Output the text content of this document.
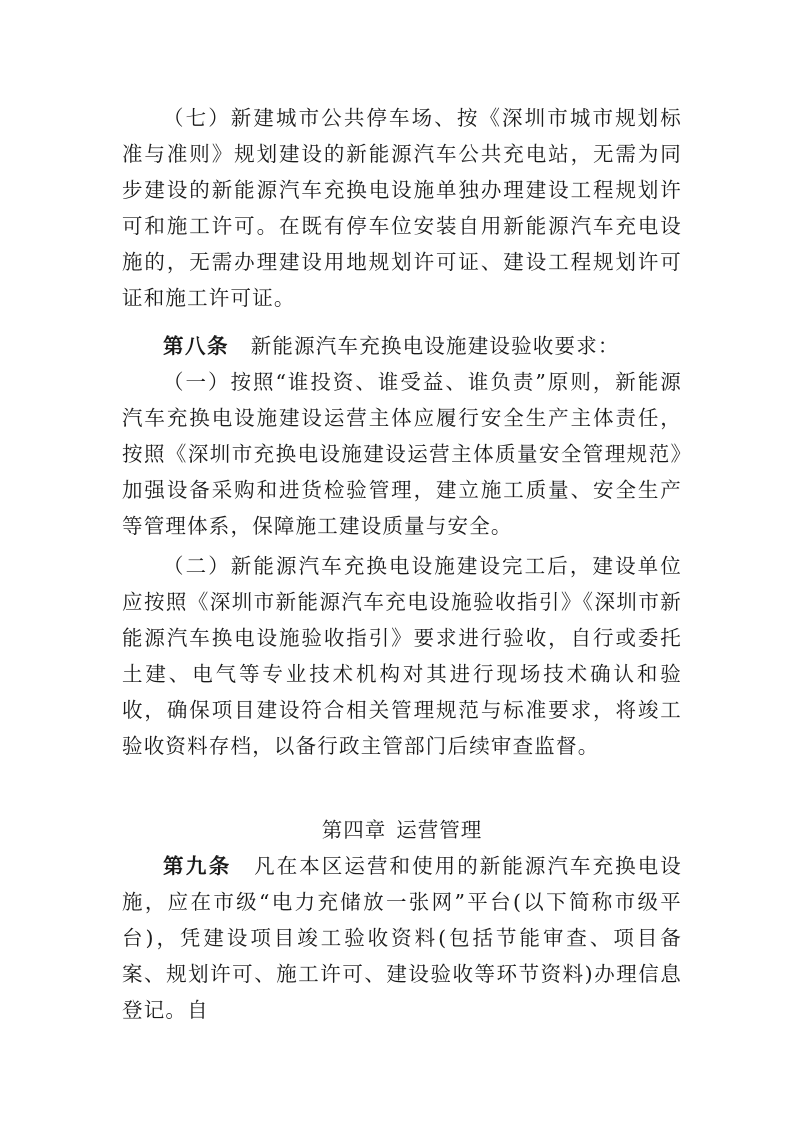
（七）新建城市公共停车场、按《深圳市城市规划标准与准则》规划建设的新能源汽车公共充电站，无需为同步建设的新能源汽车充换电设施单独办理建设工程规划许可和施工许可。在既有停车位安装自用新能源汽车充电设施的，无需办理建设用地规划许可证、建设工程规划许可证和施工许可证。

第八条  新能源汽车充换电设施建设验收要求：

（一）按照“谁投资、谁受益、谁负责”原则，新能源汽车充换电设施建设运营主体应履行安全生产主体责任，按照《深圳市充换电设施建设运营主体质量安全管理规范》加强设备采购和进货检验管理，建立施工质量、安全生产等管理体系，保障施工建设质量与安全。

（二）新能源汽车充换电设施建设完工后，建设单位应按照《深圳市新能源汽车充电设施验收指引》《深圳市新能源汽车换电设施验收指引》要求进行验收，自行或委托土建、电气等专业技术机构对其进行现场技术确认和验收，确保项目建设符合相关管理规范与标准要求，将竣工验收资料存档，以备行政主管部门后续审查监督。

第四章 运营管理

第九条  凡在本区运营和使用的新能源汽车充换电设施，应在市级“电力充储放一张网”平台(以下简称市级平台)，凭建设项目竣工验收资料(包括节能审查、项目备案、规划许可、施工许可、建设验收等环节资料)办理信息登记。自
